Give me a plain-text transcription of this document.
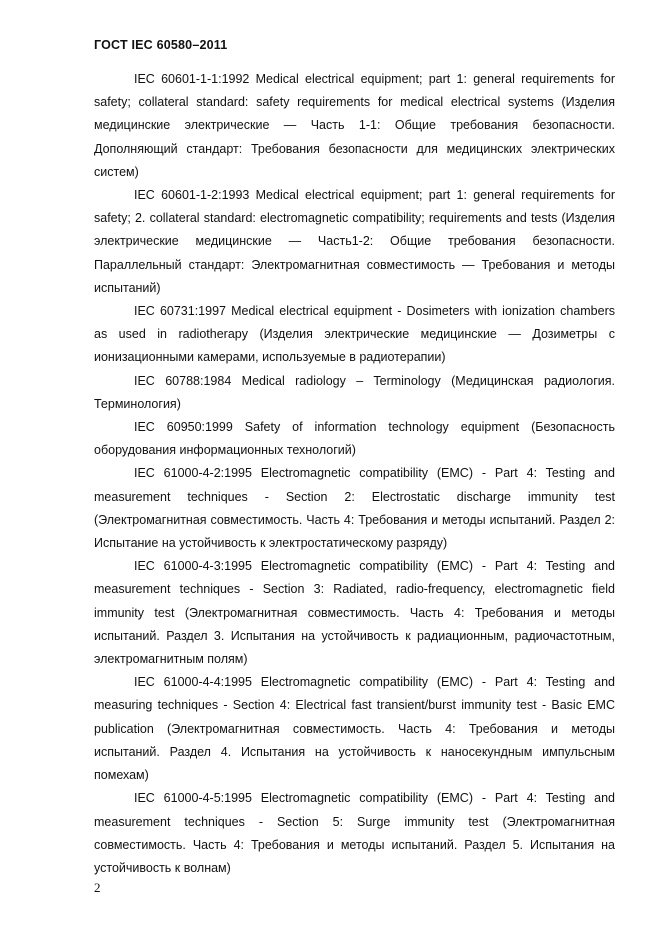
ГОСТ IEC 60580–2011

IEC 60601-1-1:1992 Medical electrical equipment; part 1: general requirements for safety; collateral standard: safety requirements for medical electrical systems (Изделия медицинские электрические — Часть 1-1: Общие требования безопасности. Дополняющий стандарт: Требования безопасности для медицинских электрических систем)

IEC 60601-1-2:1993 Medical electrical equipment; part 1: general requirements for safety; 2. collateral standard: electromagnetic compatibility; requirements and tests (Изделия электрические медицинские — Часть1-2: Общие требования безопасности. Параллельный стандарт: Электромагнитная совместимость — Требования и методы испытаний)

IEC 60731:1997 Medical electrical equipment - Dosimeters with ionization chambers as used in radiotherapy (Изделия электрические медицинские — Дозиметры с ионизационными камерами, используемые в радиотерапии)

IEC 60788:1984 Medical radiology – Terminology (Медицинская радиология. Терминология)

IEC 60950:1999 Safety of information technology equipment (Безопасность оборудования информационных технологий)

IEC 61000-4-2:1995 Electromagnetic compatibility (EMC) - Part 4: Testing and measurement techniques - Section 2: Electrostatic discharge immunity test (Электромагнитная совместимость. Часть 4: Требования и методы испытаний. Раздел 2: Испытание на устойчивость к электростатическому разряду)

IEC 61000-4-3:1995 Electromagnetic compatibility (EMC) - Part 4: Testing and measurement techniques - Section 3: Radiated, radio-frequency, electromagnetic field immunity test (Электромагнитная совместимость. Часть 4: Требования и методы испытаний. Раздел 3. Испытания на устойчивость к радиационным, радиочастотным, электромагнитным полям)

IEC 61000-4-4:1995 Electromagnetic compatibility (EMC) - Part 4: Testing and measuring techniques - Section 4: Electrical fast transient/burst immunity test - Basic EMC publication (Электромагнитная совместимость. Часть 4: Требования и методы испытаний. Раздел 4. Испытания на устойчивость к наносекундным импульсным помехам)

IEC 61000-4-5:1995 Electromagnetic compatibility (EMC) - Part 4: Testing and measurement techniques - Section 5: Surge immunity test (Электромагнитная совместимость. Часть 4: Требования и методы испытаний. Раздел 5. Испытания на устойчивость к волнам)

2
